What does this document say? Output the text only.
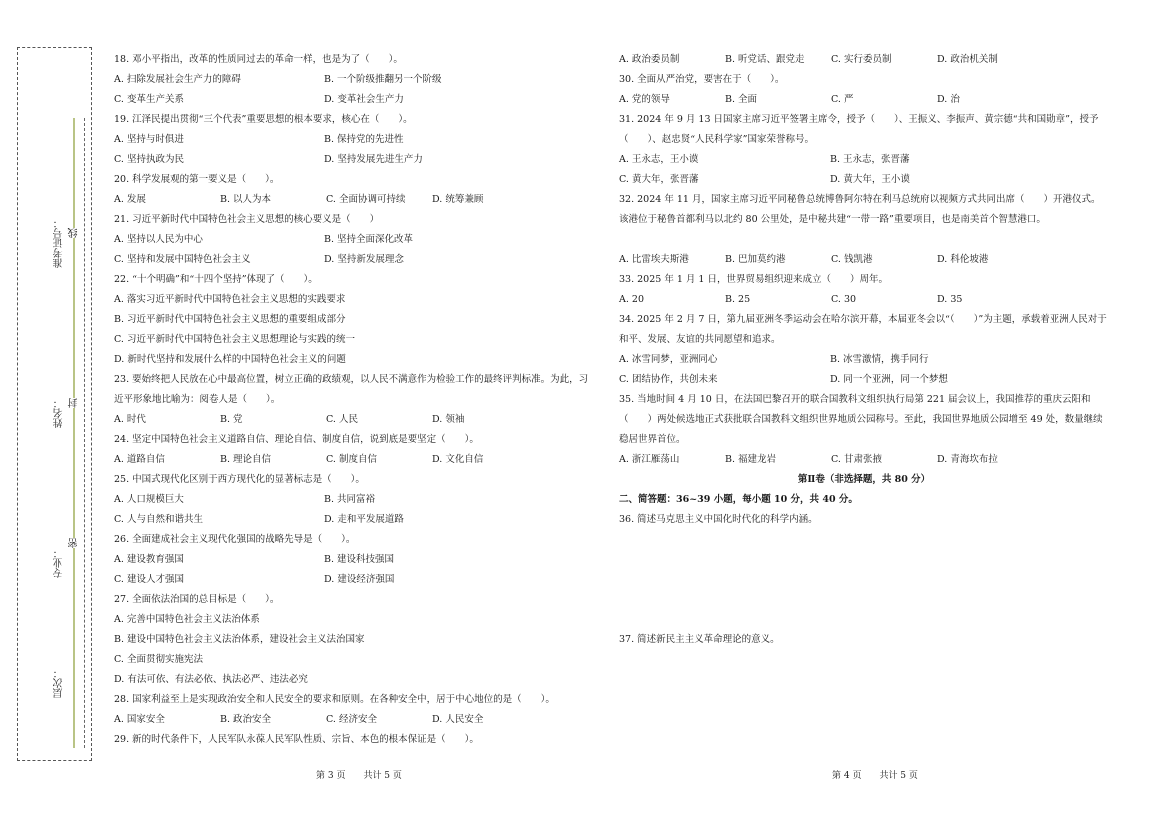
准考证号：
姓名：
专业：
层次：
线
封
密
18. 邓小平指出，改革的性质同过去的革命一样，也是为了（　　）。
A. 扫除发展社会生产力的障碍	B. 一个阶级推翻另一个阶级
C. 变革生产关系	D. 变革社会生产力
19. 江泽民提出贯彻“三个代表”重要思想的根本要求，核心在（　　）。
A. 坚持与时俱进	B. 保持党的先进性
C. 坚持执政为民	D. 坚持发展先进生产力
20. 科学发展观的第一要义是（　　）。
A. 发展	B. 以人为本	C. 全面协调可持续	D. 统筹兼顾
21. 习近平新时代中国特色社会主义思想的核心要义是（　　）
A. 坚持以人民为中心	B. 坚持全面深化改革
C. 坚持和发展中国特色社会主义	D. 坚持新发展理念
22. “十个明确”和“十四个坚持”体现了（　　）。
A. 落实习近平新时代中国特色社会主义思想的实践要求
B. 习近平新时代中国特色社会主义思想的重要组成部分
C. 习近平新时代中国特色社会主义思想理论与实践的统一
D. 新时代坚持和发展什么样的中国特色社会主义的问题
23. 要始终把人民放在心中最高位置，树立正确的政绩观，以人民不满意作为检验工作的最终评判标准。为此，习近平形象地比喻为：阅卷人是（　　）。
A. 时代	B. 党	C. 人民	D. 领袖
24. 坚定中国特色社会主义道路自信、理论自信、制度自信，说到底是要坚定（　　）。
A. 道路自信	B. 理论自信	C. 制度自信	D. 文化自信
25. 中国式现代化区别于西方现代化的显著标志是（　　）。
A. 人口规模巨大	B. 共同富裕
C. 人与自然和谐共生	D. 走和平发展道路
26. 全面建成社会主义现代化强国的战略先导是（　　）。
A. 建设教育强国	B. 建设科技强国
C. 建设人才强国	D. 建设经济强国
27. 全面依法治国的总目标是（　　）。
A. 完善中国特色社会主义法治体系
B. 建设中国特色社会主义法治体系，建设社会主义法治国家
C. 全面贯彻实施宪法
D. 有法可依、有法必依、执法必严、违法必究
28. 国家利益至上是实现政治安全和人民安全的要求和原则。在各种安全中，居于中心地位的是（　　）。
A. 国家安全	B. 政治安全	C. 经济安全	D. 人民安全
29. 新的时代条件下，人民军队永葆人民军队性质、宗旨、本色的根本保证是（　　）。
A. 政治委员制	B. 听党话、跟党走	C. 实行委员制	D. 政治机关制
30. 全面从严治党，要害在于（　　）。
A. 党的领导	B. 全面	C. 严	D. 治
31. 2024 年 9 月 13 日国家主席习近平签署主席令，授予（　　）、王振义、李振声、黄宗德“共和国勋章”，授予（　　）、赵忠贤“人民科学家”国家荣誉称号。
A. 王永志，王小谟	B. 王永志，张晋藩
C. 黄大年，张晋藩	D. 黄大年，王小谟
32. 2024 年 11 月，国家主席习近平同秘鲁总统博鲁阿尔特在利马总统府以视频方式共同出席（　　）开港仪式。该港位于秘鲁首都利马以北约 80 公里处，是中秘共建“一带一路”重要项目，也是南美首个智慧港口。
A. 比雷埃夫斯港	B. 巴加莫约港	C. 钱凯港	D. 科伦坡港
33. 2025 年 1 月 1 日，世界贸易组织迎来成立（　　）周年。
A. 20	B. 25	C. 30	D. 35
34. 2025 年 2 月 7 日，第九届亚洲冬季运动会在哈尔滨开幕，本届亚冬会以“（　　）”为主题，承载着亚洲人民对于和平、发展、友谊的共同愿望和追求。
A. 冰雪同梦，亚洲同心	B. 冰雪激情，携手同行
C. 团结协作，共创未来	D. 同一个亚洲，同一个梦想
35. 当地时间 4 月 10 日，在法国巴黎召开的联合国教科文组织执行局第 221 届会议上，我国推荐的重庆云阳和（　　）两处候选地正式获批联合国教科文组织世界地质公园称号。至此，我国世界地质公园增至 49 处，数量继续稳居世界首位。
A. 浙江雁荡山	B. 福建龙岩	C. 甘肃张掖	D. 青海坎布拉
第Ⅱ卷（非选择题，共 80 分）
二、简答题：36~39 小题，每小题 10 分，共 40 分。
36. 简述马克思主义中国化时代化的科学内涵。
37. 简述新民主主义革命理论的意义。
第 3 页　　共计 5 页	第 4 页　　共计 5 页
